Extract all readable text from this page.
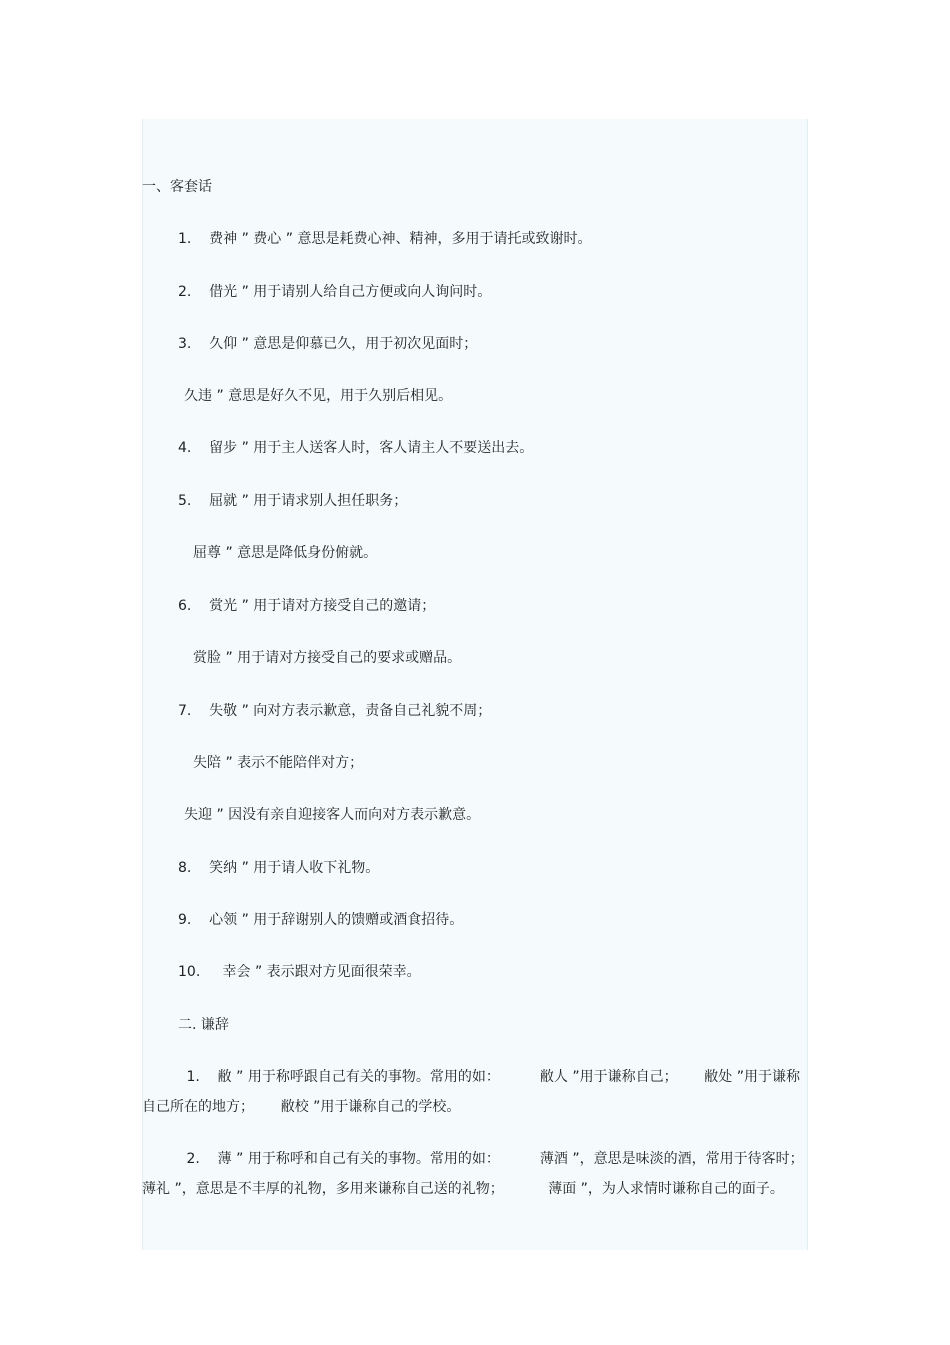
一、客套话
1.    费神 ” 费心 ” 意思是耗费心神、精神，多用于请托或致谢时。
2.    借光 ” 用于请别人给自己方便或向人询问时。
3.    久仰 ” 意思是仰慕已久，用于初次见面时；
久违 ” 意思是好久不见，用于久别后相见。
4.    留步 ” 用于主人送客人时，客人请主人不要送出去。
5.    屈就 ” 用于请求别人担任职务；
屈尊 ” 意思是降低身份俯就。
6.    赏光 ” 用于请对方接受自己的邀请；
赏脸 ” 用于请对方接受自己的要求或赠品。
7.    失敬 ” 向对方表示歉意，责备自己礼貌不周；
失陪 ” 表示不能陪伴对方；
失迎 ” 因没有亲自迎接客人而向对方表示歉意。
8.    笑纳 ” 用于请人收下礼物。
9.    心领 ” 用于辞谢别人的馈赠或酒食招待。
10.     幸会 ” 表示跟对方见面很荣幸。
二. 谦辞
1.    敝 ” 用于称呼跟自己有关的事物。常用的如：         敝人 ”用于谦称自己；      敝处 ”用于谦称自己所在的地方；      敝校 ”用于谦称自己的学校。
2.    薄 ” 用于称呼和自己有关的事物。常用的如：         薄酒 ”，意思是味淡的酒，常用于待客时；    薄礼 ”，意思是不丰厚的礼物，多用来谦称自己送的礼物；          薄面 ”，为人求情时谦称自己的面子。
